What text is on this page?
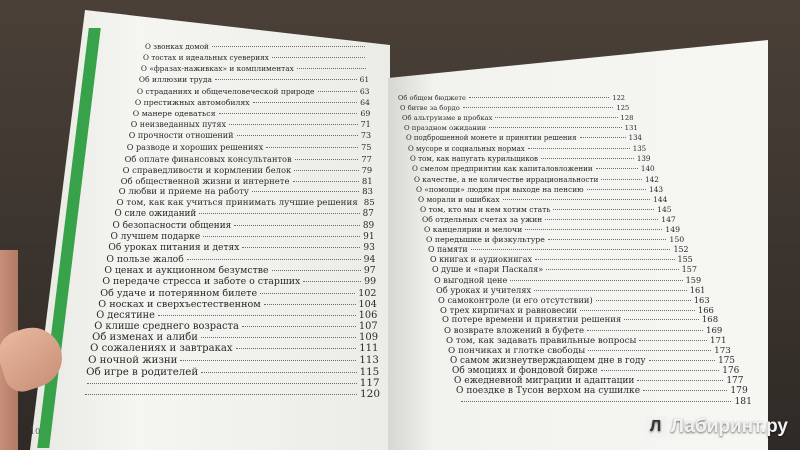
О звонках домой
О тостах и идеальных суевериях
О «фразах-наживках» и комплиментах
Об иллюзии труда	61
О страданиях и общечеловеческой природе	63
О престижных автомобилях	64
О манере одеваться	69
О неизведанных путях	71
О прочности отношений	73
О разводе и хороших решениях	75
Об оплате финансовых консультантов	77
О справедливости и кормлении белок	79
Об общественной жизни и интернете	81
О любви и приеме на работу	83
О том, как как учиться принимать лучшие решения 85
О силе ожиданий	87
О безопасности общения	89
О лучшем подарке	91
Об уроках питания и детях	93
О пользе жалоб	94
О ценах и аукционном безумстве	97
О передаче стресса и заботе о старших	99
Об удаче и потерянном билете	102
О носках и сверхъестественном	104
О десятине	106
О клише среднего возраста	107
Об изменах и алиби	109
О сожалениях и завтраках	111
О ночной жизни	113
Об игре в родителей	115
117
120
Об общем бюджете	122
О битве за бордо	125
Об альтруизме в пробках	128
О праздном ожидании	131
О подброшенной монете и принятии решения	134
О мусоре и социальных нормах	135
О том, как напугать курильщиков	139
О смелом предприятии как капиталовложении	140
О качестве, а не количестве иррациональности	142
О «помощи» людям при выходе на пенсию	143
О морали и ошибках	144
О том, кто мы и кем хотим стать	145
Об отдельных счетах за ужин	147
О канцелярии и мелочи	149
О передышке и физкультуре	150
О памяти	152
О книгах и аудиокнигах	155
О душе и «пари Паскаля»	157
О выгодной цене	159
Об уроках и учителях	161
О самоконтроле (и его отсутствии)	163
О трех кирпичах и равновесии	166
О потере времени и принятии решения	168
О возврате вложений в буфете	169
О том, как задавать правильные вопросы	171
О пончиках и глотке свободы	173
О самом жизнеутверждающем дне в году	175
Об эмоциях и фондовой бирже	176
О ежедневной миграции и адаптации	177
О поездке в Тусон верхом на сушилке	179
181
10	Л Лабиринт.ру
